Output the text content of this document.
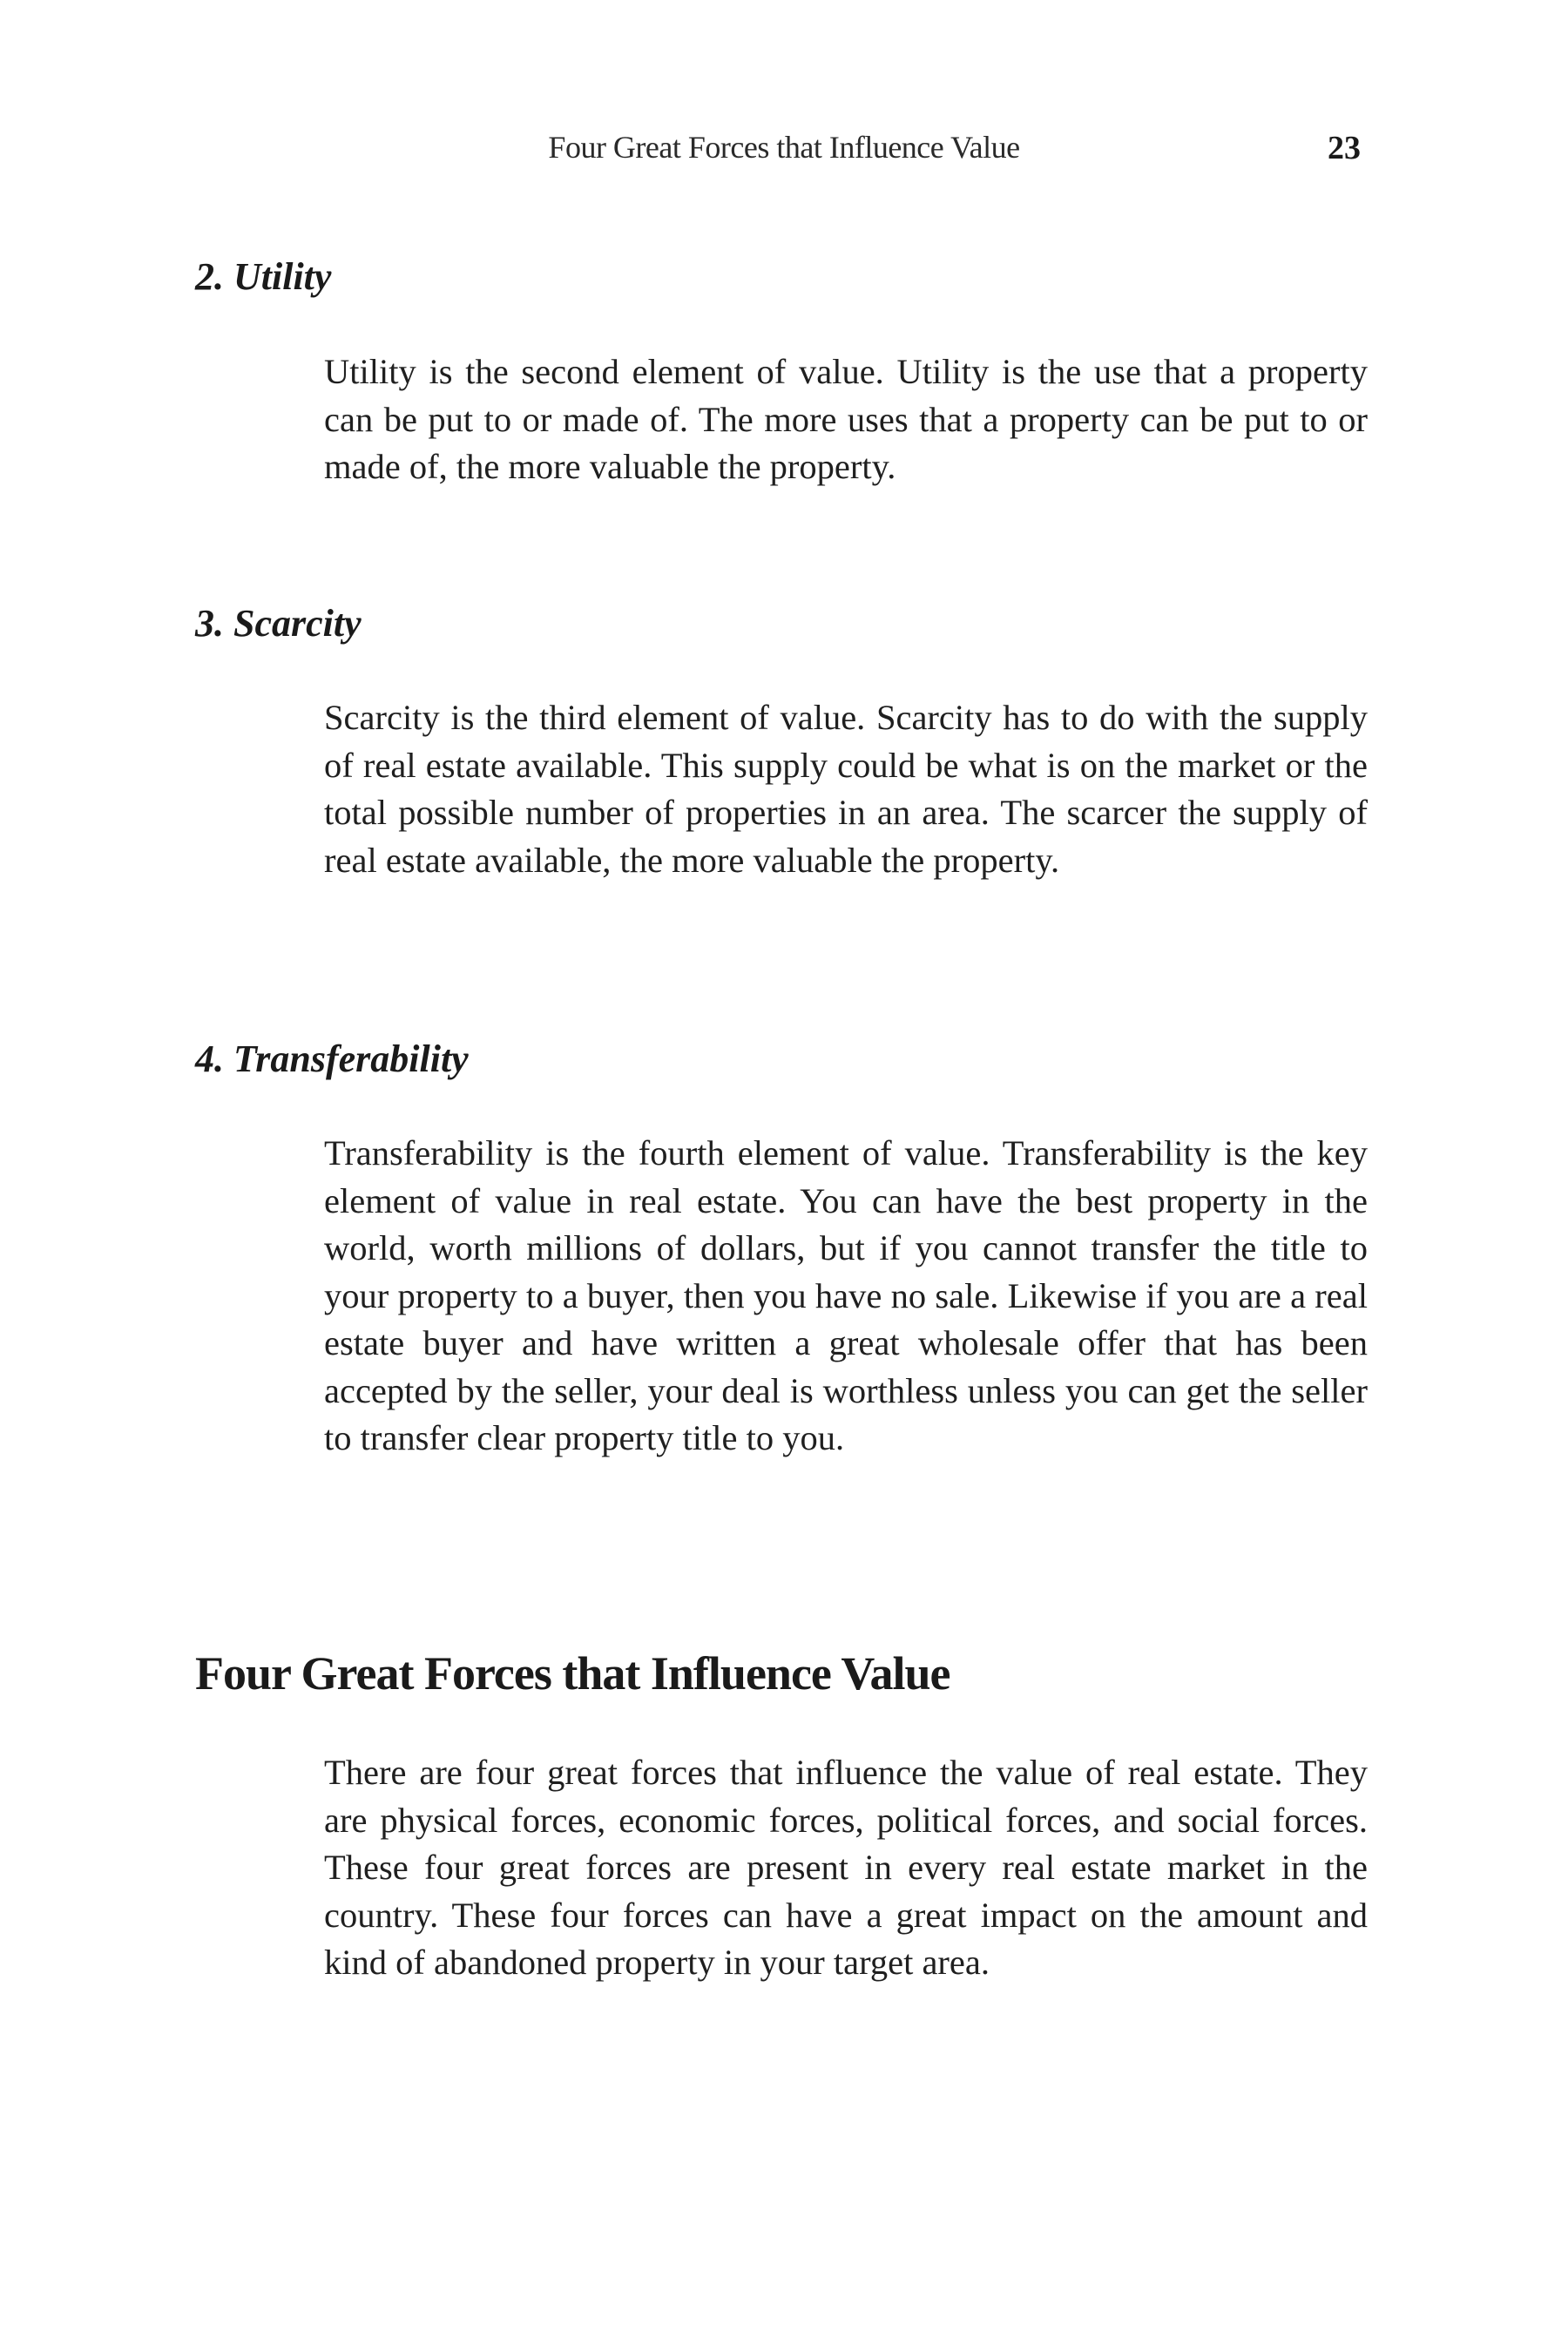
Four Great Forces that Influence Value	23
2. Utility

Utility is the second element of value. Utility is the use that a property can be put to or made of. The more uses that a property can be put to or made of, the more valuable the property.

3. Scarcity

Scarcity is the third element of value. Scarcity has to do with the supply of real estate available. This supply could be what is on the market or the total possible number of properties in an area. The scarcer the supply of real estate available, the more valuable the property.

4. Transferability

Transferability is the fourth element of value. Transferability is the key element of value in real estate. You can have the best property in the world, worth millions of dollars, but if you cannot transfer the title to your property to a buyer, then you have no sale. Likewise if you are a real estate buyer and have written a great wholesale offer that has been accepted by the seller, your deal is worthless unless you can get the seller to transfer clear property title to you.

Four Great Forces that Influence Value

There are four great forces that influence the value of real estate. They are physical forces, economic forces, political forces, and social forces. These four great forces are present in every real estate market in the country. These four forces can have a great impact on the amount and kind of abandoned property in your target area.
